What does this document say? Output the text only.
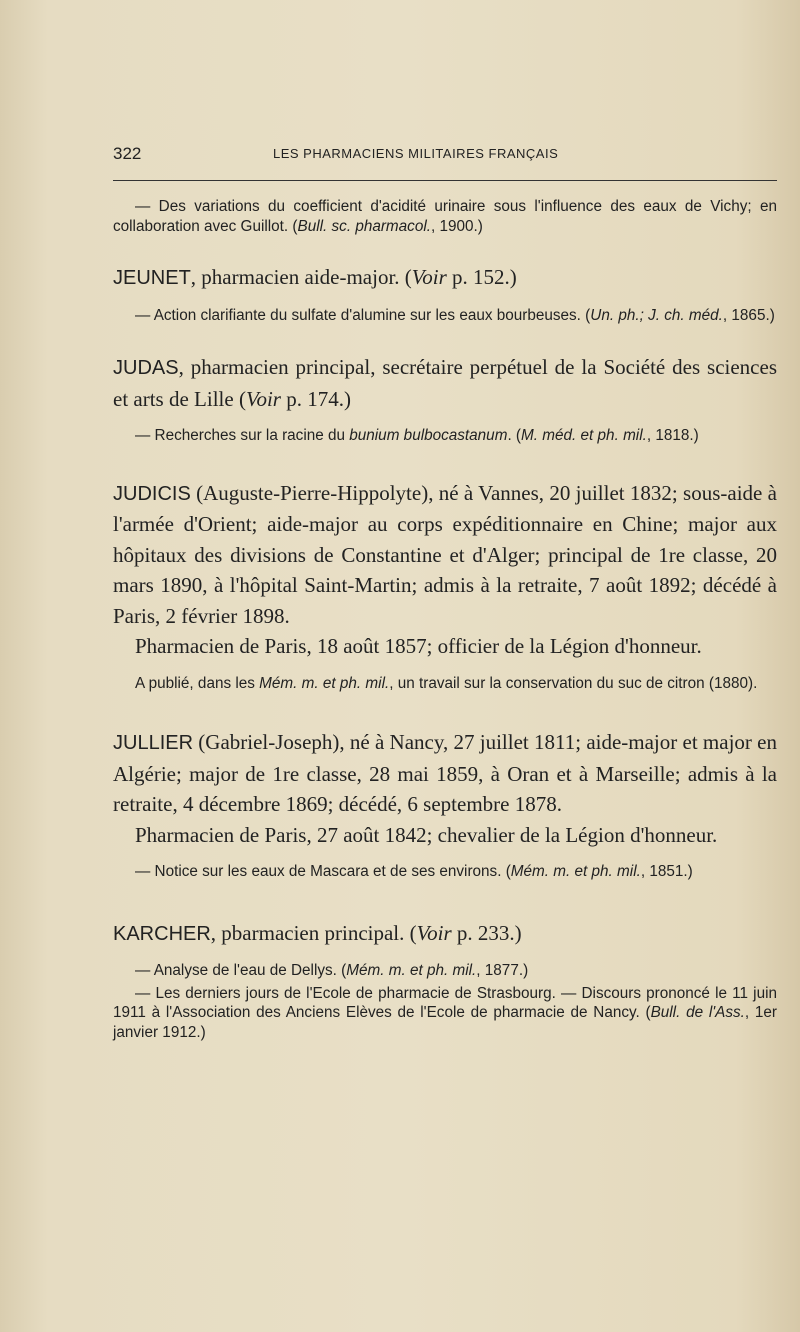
322	LES PHARMACIENS MILITAIRES FRANÇAIS

— Des variations du coefficient d'acidité urinaire sous l'influence des eaux de Vichy; en collaboration avec Guillot. (Bull. sc. pharmacol., 1900.)

JEUNET, pharmacien aide-major. (Voir p. 152.)

— Action clarifiante du sulfate d'alumine sur les eaux bourbeuses. (Un. ph.; J. ch. méd., 1865.)

JUDAS, pharmacien principal, secrétaire perpétuel de la Société des sciences et arts de Lille (Voir p. 174.)

— Recherches sur la racine du bunium bulbocastanum. (M. méd. et ph. mil., 1818.)

JUDICIS (Auguste-Pierre-Hippolyte), né à Vannes, 20 juillet 1832; sous-aide à l'armée d'Orient; aide-major au corps expéditionnaire en Chine; major aux hôpitaux des divisions de Constantine et d'Alger; principal de 1re classe, 20 mars 1890, à l'hôpital Saint-Martin; admis à la retraite, 7 août 1892; décédé à Paris, 2 février 1898.

Pharmacien de Paris, 18 août 1857; officier de la Légion d'honneur.

A publié, dans les Mém. m. et ph. mil., un travail sur la conservation du suc de citron (1880).

JULLIER (Gabriel-Joseph), né à Nancy, 27 juillet 1811; aide-major et major en Algérie; major de 1re classe, 28 mai 1859, à Oran et à Marseille; admis à la retraite, 4 décembre 1869; décédé, 6 septembre 1878.

Pharmacien de Paris, 27 août 1842; chevalier de la Légion d'honneur.

— Notice sur les eaux de Mascara et de ses environs. (Mém. m. et ph. mil., 1851.)

KARCHER, pbarmacien principal. (Voir p. 233.)

— Analyse de l'eau de Dellys. (Mém. m. et ph. mil., 1877.)

— Les derniers jours de l'Ecole de pharmacie de Strasbourg. — Discours prononcé le 11 juin 1911 à l'Association des Anciens Elèves de l'Ecole de pharmacie de Nancy. (Bull. de l'Ass., 1er janvier 1912.)
